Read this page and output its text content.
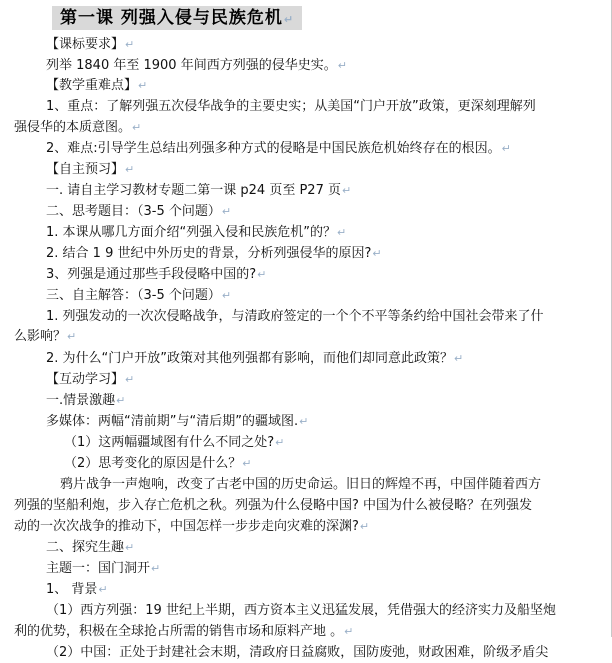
第一课 列强入侵与民族危机↵
【课标要求】↵
列举 1840 年至 1900 年间西方列强的侵华史实。↵
【教学重难点】↵
1、重点：了解列强五次侵华战争的主要史实；从美国“门户开放”政策，更深刻理解列
强侵华的本质意图。↵
2、难点:引导学生总结出列强多种方式的侵略是中国民族危机始终存在的根因。↵
【自主预习】↵
一. 请自主学习教材专题二第一课 p24 页至 P27 页↵
二、思考题目：（3-5 个问题）↵
1. 本课从哪几方面介绍“列强入侵和民族危机”的？↵
2. 结合 1 9 世纪中外历史的背景，分析列强侵华的原因?↵
3、列强是通过那些手段侵略中国的?↵
三、自主解答：（3-5 个问题）↵
1. 列强发动的一次次侵略战争，与清政府签定的一个个不平等条约给中国社会带来了什
么影响？↵
2. 为什么“门户开放”政策对其他列强都有影响，而他们却同意此政策？↵
【互动学习】↵
一.情景激趣↵
多媒体：两幅“清前期”与“清后期”的疆域图.↵
（1）这两幅疆域图有什么不同之处?↵
（2）思考变化的原因是什么？↵
鸦片战争一声炮响，改变了古老中国的历史命运。旧日的辉煌不再，中国伴随着西方
列强的坚船利炮，步入存亡危机之秋。列强为什么侵略中国? 中国为什么被侵略？在列强发
动的一次次战争的推动下，中国怎样一步步走向灾难的深渊?↵
二、探究生趣↵
主题一：国门洞开↵
1、 背景↵
（1）西方列强：19 世纪上半期，西方资本主义迅猛发展，凭借强大的经济实力及船坚炮
利的优势，积极在全球抢占所需的销售市场和原料产地 。↵
（2）中国：正处于封建社会末期，清政府日益腐败，国防废弛，财政困难，阶级矛盾尖
